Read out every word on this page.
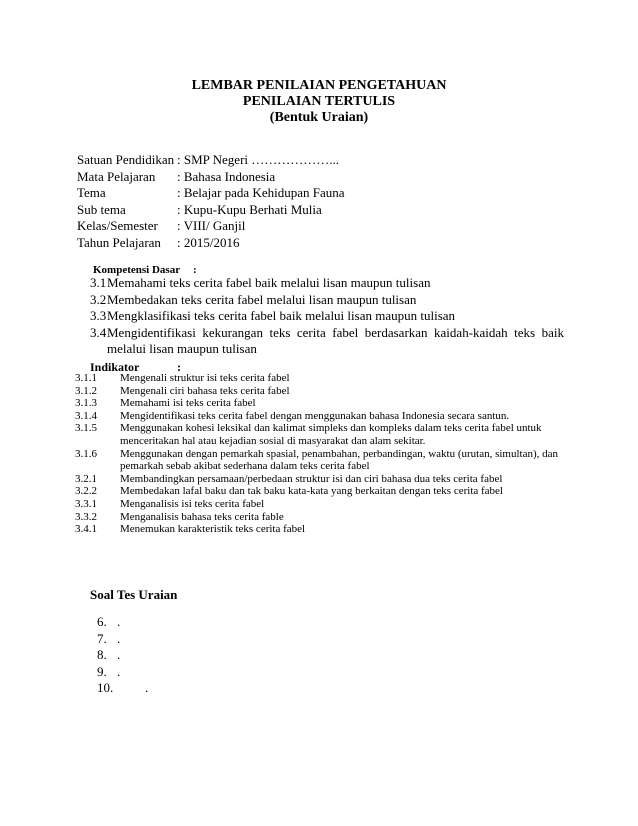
LEMBAR PENILAIAN PENGETAHUAN
PENILAIAN TERTULIS
(Bentuk Uraian)
Satuan Pendidikan : SMP Negeri ………………...
Mata Pelajaran	: Bahasa Indonesia
Tema	: Belajar pada Kehidupan Fauna
Sub tema	: Kupu-Kupu Berhati Mulia
Kelas/Semester	: VIII/ Ganjil
Tahun Pelajaran	: 2015/2016
Kompetensi Dasar :
3.1 Memahami teks cerita fabel baik melalui lisan maupun tulisan
3.2 Membedakan teks cerita fabel melalui lisan maupun tulisan
3.3 Mengklasifikasi teks cerita fabel baik melalui lisan maupun tulisan
3.4 Mengidentifikasi kekurangan teks cerita fabel berdasarkan kaidah-kaidah teks baik melalui lisan maupun tulisan
Indikator	:
3.1.1	Mengenali struktur isi teks cerita fabel
3.1.2	Mengenali ciri bahasa teks cerita fabel
3.1.3	Memahami isi teks cerita fabel
3.1.4	Mengidentifikasi teks cerita fabel dengan menggunakan bahasa Indonesia secara santun.
3.1.5	Menggunakan kohesi leksikal dan kalimat simpleks dan kompleks dalam teks cerita fabel untuk menceritakan hal atau kejadian sosial di masyarakat dan alam sekitar.
3.1.6	Menggunakan dengan pemarkah spasial, penambahan, perbandingan, waktu (urutan, simultan), dan pemarkah sebab akibat sederhana dalam teks cerita fabel
3.2.1	Membandingkan persamaan/perbedaan struktur isi dan ciri bahasa dua teks cerita fabel
3.2.2	Membedakan lafal baku dan tak baku kata-kata yang berkaitan dengan teks cerita fabel
3.3.1	Menganalisis isi teks cerita fabel
3.3.2	Menganalisis bahasa teks cerita fable
3.4.1	Menemukan karakteristik teks cerita fabel
Soal Tes Uraian
6. .
7. .
8. .
9. .
10.	.
